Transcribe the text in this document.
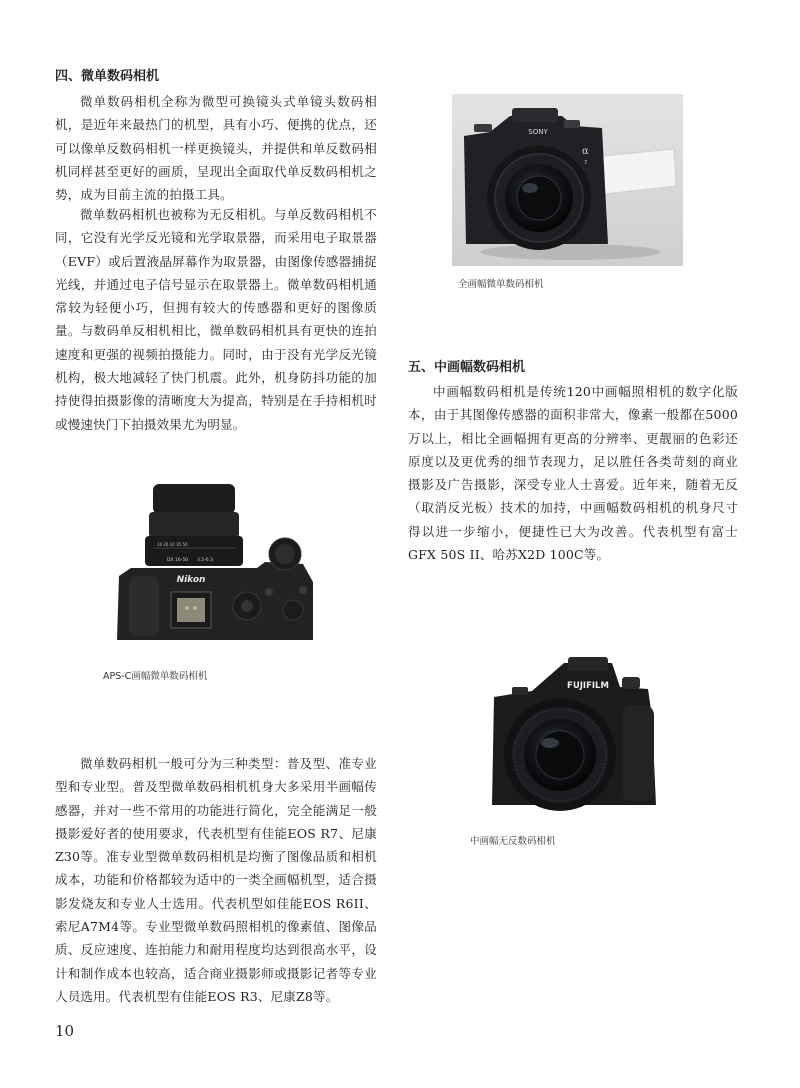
四、微单数码相机

微单数码相机全称为微型可换镜头式单镜头数码相机，是近年来最热门的机型，具有小巧、便携的优点，还可以像单反数码相机一样更换镜头，并提供和单反数码相机同样甚至更好的画质，呈现出全面取代单反数码相机之势，成为目前主流的拍摄工具。

微单数码相机也被称为无反相机。与单反数码相机不同，它没有光学反光镜和光学取景器，而采用电子取景器（EVF）或后置液晶屏幕作为取景器，由图像传感器捕捉光线，并通过电子信号显示在取景器上。微单数码相机通常较为轻便小巧，但拥有较大的传感器和更好的图像质量。与数码单反相机相比，微单数码相机具有更快的连拍速度和更强的视频拍摄能力。同时，由于没有光学反光镜机构，极大地减轻了快门机震。此外，机身防抖功能的加持使得拍摄影像的清晰度大为提高，特别是在手持相机时或慢速快门下拍摄效果尤为明显。

SONY
α
7

全画幅微单数码相机

16 20 24 35 50
DX 16-50 3.5-6.3
Nikon

APS-C画幅微单数码相机

五、中画幅数码相机

中画幅数码相机是传统120中画幅照相机的数字化版本，由于其图像传感器的面积非常大，像素一般都在5000万以上，相比全画幅拥有更高的分辨率、更靓丽的色彩还原度以及更优秀的细节表现力，足以胜任各类苛刻的商业摄影及广告摄影，深受专业人士喜爱。近年来，随着无反（取消反光板）技术的加持，中画幅数码相机的机身尺寸得以进一步缩小，便捷性已大为改善。代表机型有富士GFX 50S II、哈苏X2D 100C等。

FUJIFILM

中画幅无反数码相机

微单数码相机一般可分为三种类型：普及型、准专业型和专业型。普及型微单数码相机机身大多采用半画幅传感器，并对一些不常用的功能进行简化，完全能满足一般摄影爱好者的使用要求，代表机型有佳能EOS R7、尼康Z30等。准专业型微单数码相机是均衡了图像品质和相机成本，功能和价格都较为适中的一类全画幅机型，适合摄影发烧友和专业人士选用。代表机型如佳能EOS R6II、索尼A7M4等。专业型微单数码照相机的像素值、图像品质、反应速度、连拍能力和耐用程度均达到很高水平，设计和制作成本也较高，适合商业摄影师或摄影记者等专业人员选用。代表机型有佳能EOS R3、尼康Z8等。

10
